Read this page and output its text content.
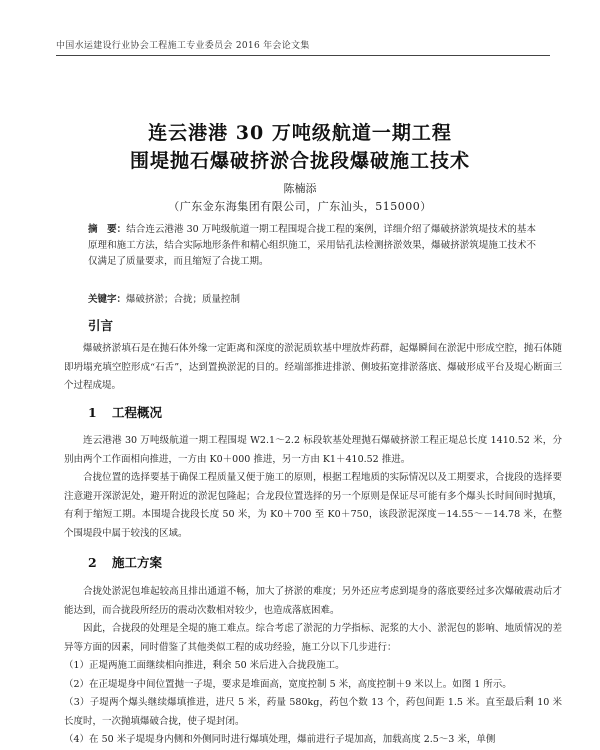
中国水运建设行业协会工程施工专业委员会 2016 年会论文集
连云港港 30 万吨级航道一期工程
围堤抛石爆破挤淤合拢段爆破施工技术
陈楠添
（广东金东海集团有限公司，广东汕头，515000）
摘　要：结合连云港港 30 万吨级航道一期工程围堤合拢工程的案例，详细介绍了爆破挤淤筑堤技术的基本原理和施工方法，结合实际地形条件和精心组织施工，采用钻孔法检测挤淤效果，爆破挤淤筑堤施工技术不仅满足了质量要求，而且缩短了合拢工期。
关键字：爆破挤淤；合拢；质量控制
引言

爆破挤淤填石是在抛石体外缘一定距离和深度的淤泥质软基中埋放炸药群，起爆瞬间在淤泥中形成空腔，抛石体随即坍塌充填空腔形成“石舌”，达到置换淤泥的目的。经端部推进排淤、侧坡拓宽排淤落底、爆破形成平台及堤心断面三个过程成堤。

1 工程概况

连云港港 30 万吨级航道一期工程围堤 W2.1～2.2 标段软基处理抛石爆破挤淤工程正堤总长度 1410.52 米，分别由两个工作面相向推进，一方由 K0＋000 推进，另一方由 K1＋410.52 推进。

合拢位置的选择要基于确保工程质量又便于施工的原则，根据工程地质的实际情况以及工期要求，合拢段的选择要注意避开深淤泥处，避开附近的淤泥包隆起；合龙段位置选择的另一个原则是保证尽可能有多个爆头长时间间时抛填，有利于缩短工期。本围堤合拢段长度 50 米，为 K0＋700 至 K0＋750，该段淤泥深度－14.55～－14.78 米，在整个围堤段中属于较浅的区域。

2 施工方案

合拢处淤泥包堆起较高且排出通道不畅，加大了挤淤的难度；另外还应考虑到堤身的落底要经过多次爆破震动后才能达到，而合拢段所经历的震动次数相对较少，也造成落底困难。

因此，合拢段的处理是全堤的施工难点。综合考虑了淤泥的力学指标、泥浆的大小、淤泥包的影响、地质情况的差异等方面的因素，同时借鉴了其他类似工程的成功经验，施工分以下几步进行：

（1）正堤两施工面继续相向推进，剩余 50 米后进入合拢段施工。

（2）在正堤堤身中间位置抛一子堤，要求是堆面高，宽度控制 5 米，高度控制＋9 米以上。如图 1 所示。

（3）子堤两个爆头继续爆填推进，进尺 5 米，药量 580kg，药包个数 13 个，药包间距 1.5 米。直至最后剩 10 米长度时，一次抛填爆破合拢，使子堤封闭。

（4）在 50 米子堤堤身内侧和外侧同时进行爆填处理，爆前进行子堤加高，加载高度 2.5～3 米，单侧
